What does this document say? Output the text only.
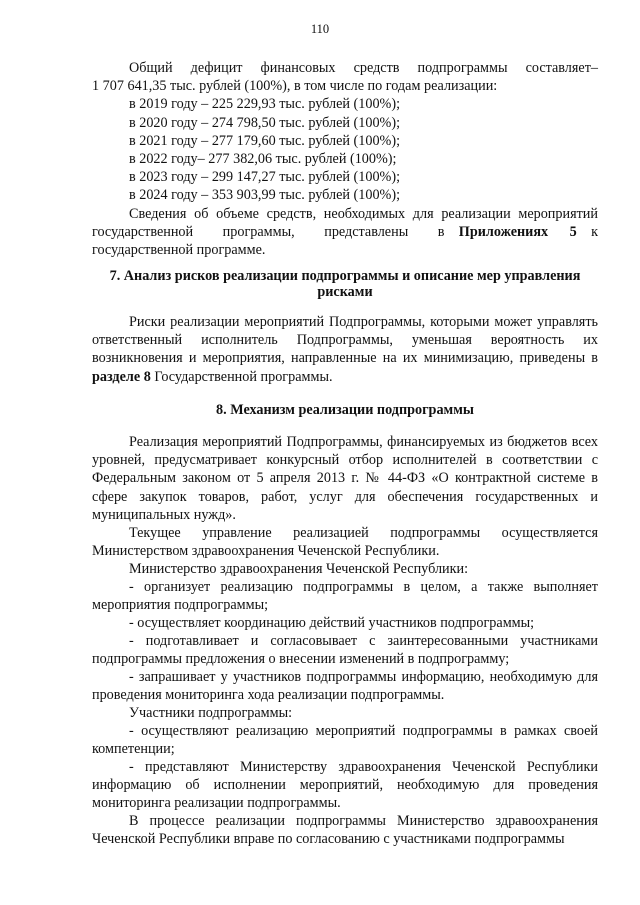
110
Общий дефицит финансовых средств подпрограммы составляет–
1 707 641,35 тыс. рублей (100%), в том числе по годам реализации:
в 2019 году – 225 229,93 тыс. рублей (100%);
в 2020 году – 274 798,50 тыс. рублей (100%);
в 2021 году – 277 179,60 тыс. рублей (100%);
в 2022 году– 277 382,06 тыс. рублей (100%);
в 2023 году – 299 147,27 тыс. рублей (100%);
в 2024 году – 353 903,99 тыс. рублей (100%);
Сведения об объеме средств, необходимых для реализации мероприятий
государственной программы, представлены в Приложениях 5 к
государственной программе.
7. Анализ рисков реализации подпрограммы и описание мер управления
рисками
Риски реализации мероприятий Подпрограммы, которыми может управлять ответственный исполнитель Подпрограммы, уменьшая вероятность их возникновения и мероприятия, направленные на их минимизацию, приведены в разделе 8 Государственной программы.
8. Механизм реализации подпрограммы
Реализация мероприятий Подпрограммы, финансируемых из бюджетов всех уровней, предусматривает конкурсный отбор исполнителей в соответствии с Федеральным законом от 5 апреля 2013 г. № 44-ФЗ «О контрактной системе в сфере закупок товаров, работ, услуг для обеспечения государственных и муниципальных нужд».
Текущее управление реализацией подпрограммы осуществляется Министерством здравоохранения Чеченской Республики.
Министерство здравоохранения Чеченской Республики:
- организует реализацию подпрограммы в целом, а также выполняет мероприятия подпрограммы;
- осуществляет координацию действий участников подпрограммы;
- подготавливает и согласовывает с заинтересованными участниками подпрограммы предложения о внесении изменений в подпрограмму;
- запрашивает у участников подпрограммы информацию, необходимую для проведения мониторинга хода реализации подпрограммы.
Участники подпрограммы:
- осуществляют реализацию мероприятий подпрограммы в рамках своей компетенции;
- представляют Министерству здравоохранения Чеченской Республики информацию об исполнении мероприятий, необходимую для проведения мониторинга реализации подпрограммы.
В процессе реализации подпрограммы Министерство здравоохранения Чеченской Республики вправе по согласованию с участниками подпрограммы
